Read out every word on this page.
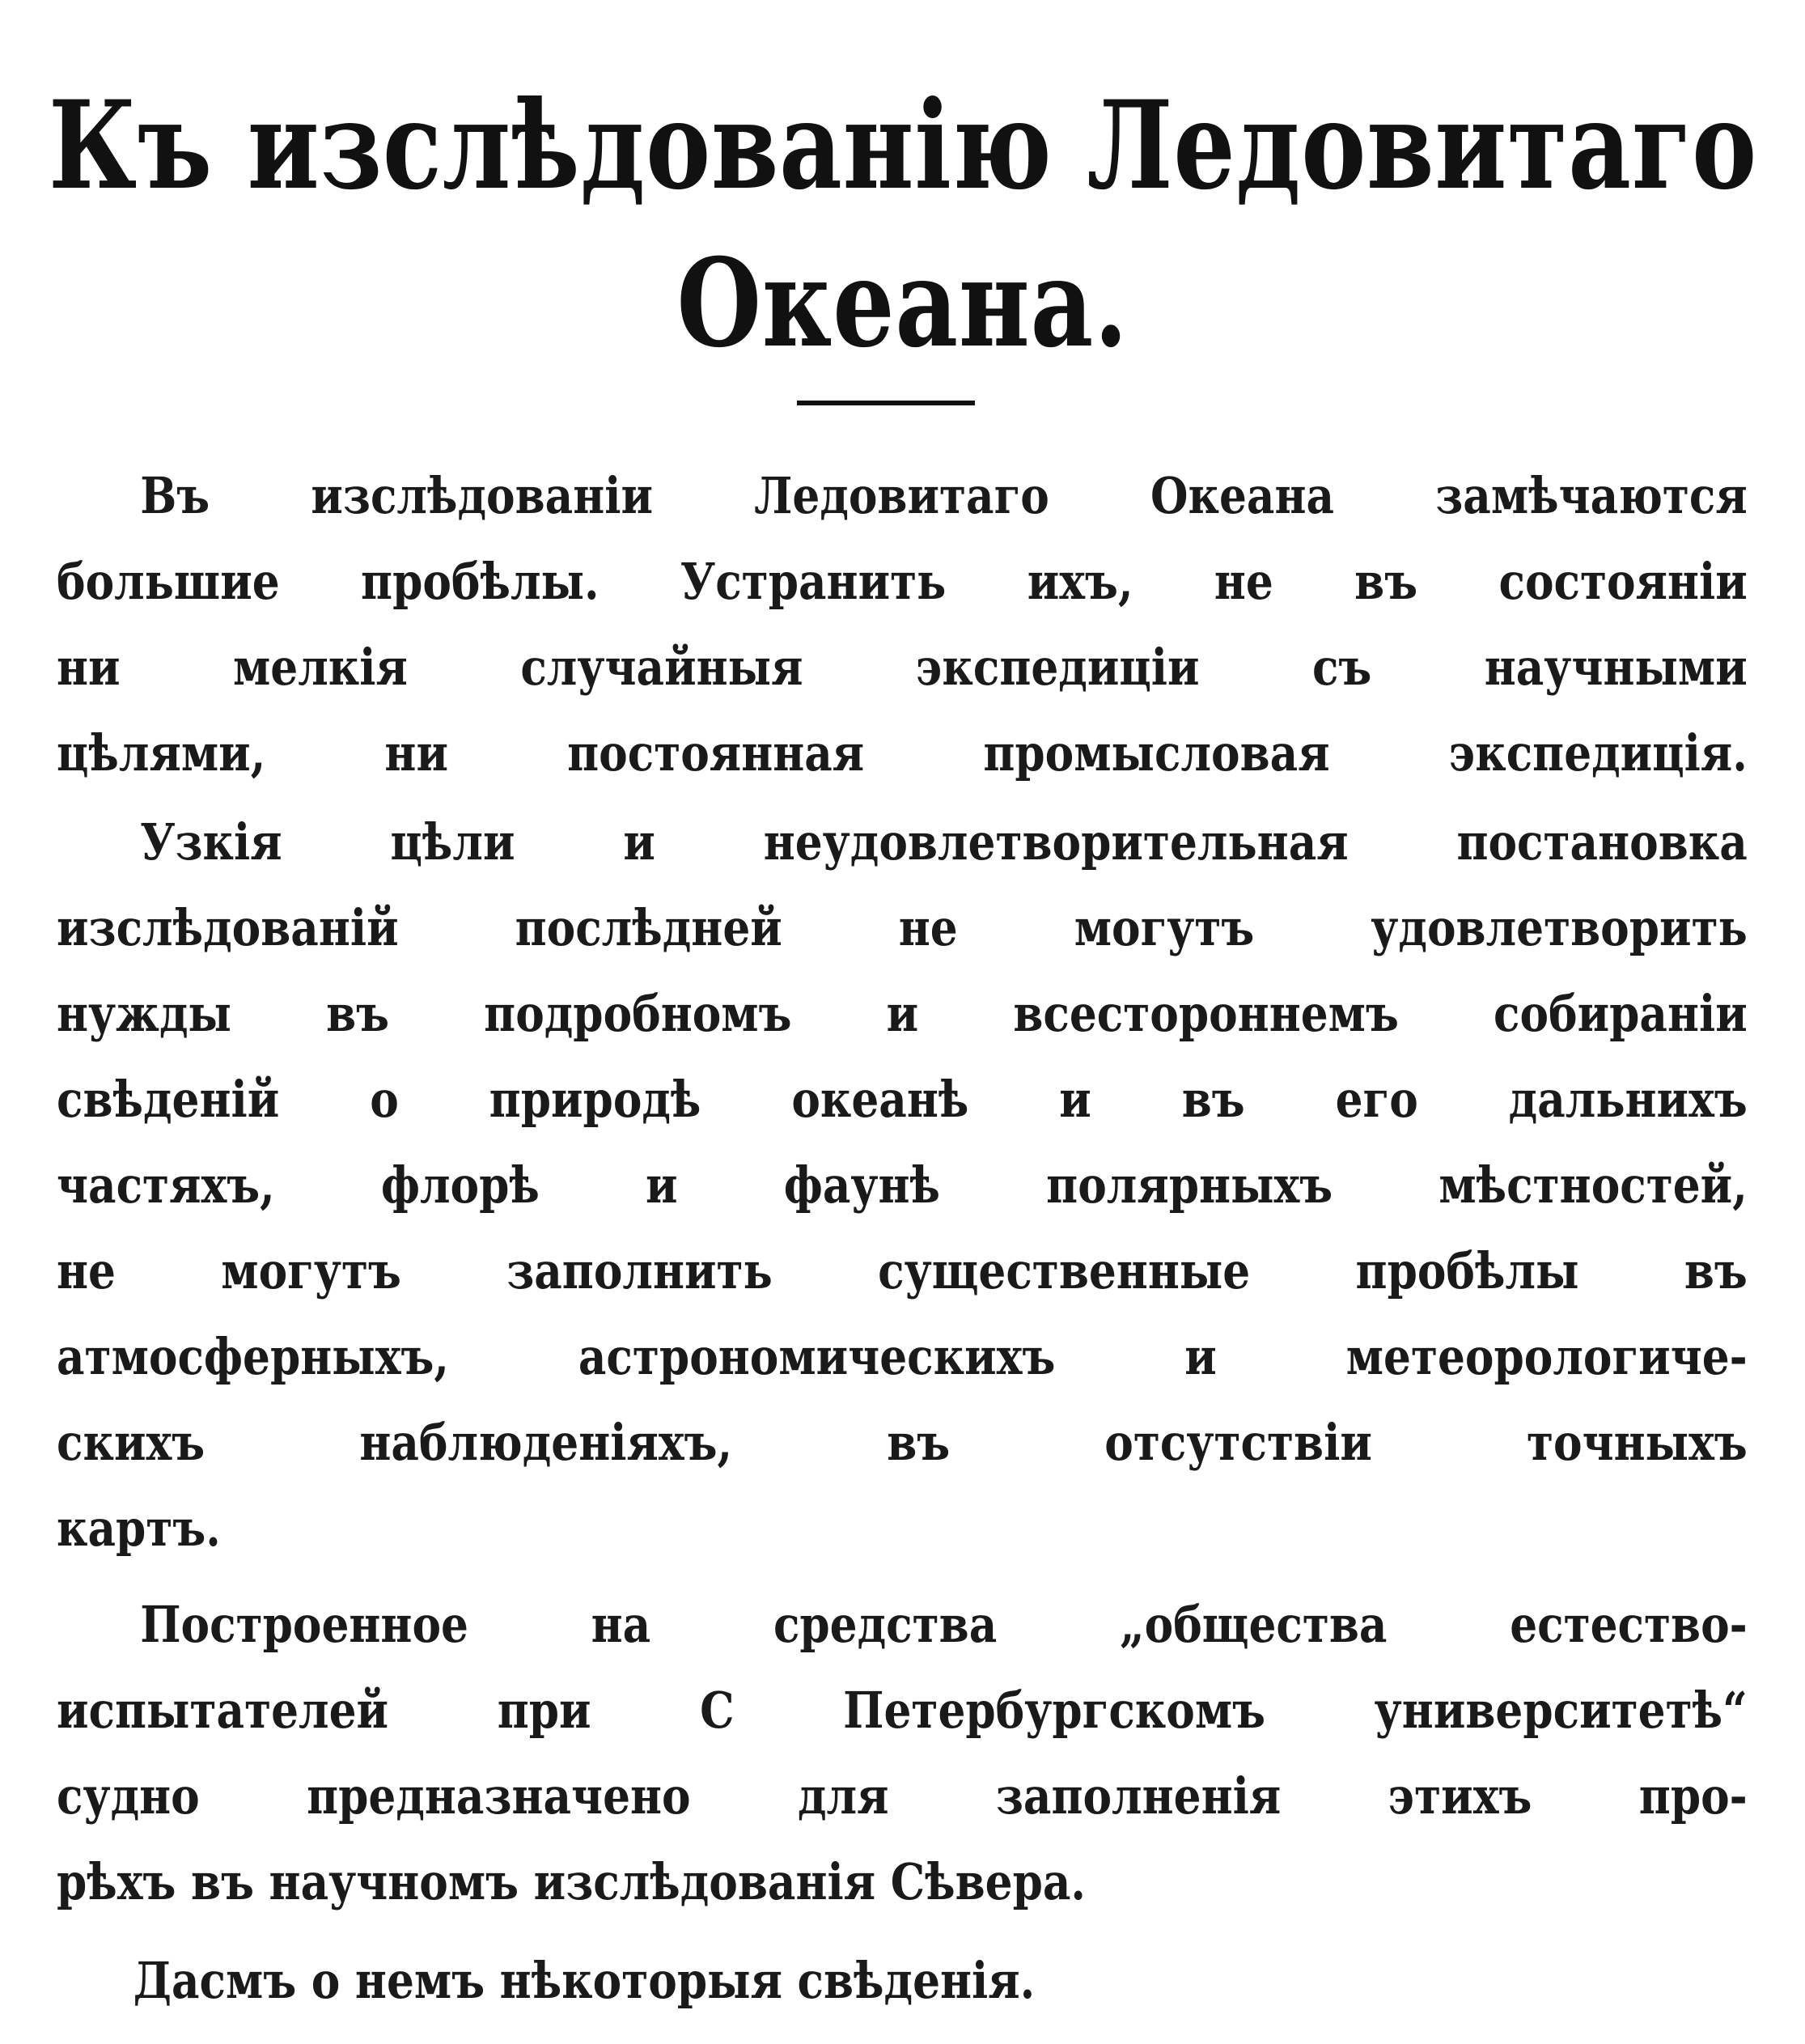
Къ изслѣдованію Ледовитаго
Океана.
Въ изслѣдованіи Ледовитаго Океана замѣчаются
большие пробѣлы. Устранить ихъ, не въ состояніи
ни мелкія случайныя экспедиціи съ научными
цѣлями, ни постоянная промысловая экспедиція.
Узкія цѣли и неудовлетворительная постановка
изслѣдованій послѣдней не могутъ удовлетворить
нужды въ подробномъ и всестороннемъ собираніи
свѣденій о природѣ океанѣ и въ его дальнихъ
частяхъ, флорѣ и фаунѣ полярныхъ мѣстностей,
не могутъ заполнить существенные пробѣлы въ
атмосферныхъ, астрономическихъ и метеорологиче-
скихъ наблюденіяхъ, въ отсутствіи точныхъ
картъ.
Построенное на средства „общества естество-
испытателей при С Петербургскомъ университетѣ“
судно предназначено для заполненія этихъ про-
рѣхъ въ научномъ изслѣдованія Сѣвера.
Дасмъ о немъ нѣкоторыя свѣденія.
